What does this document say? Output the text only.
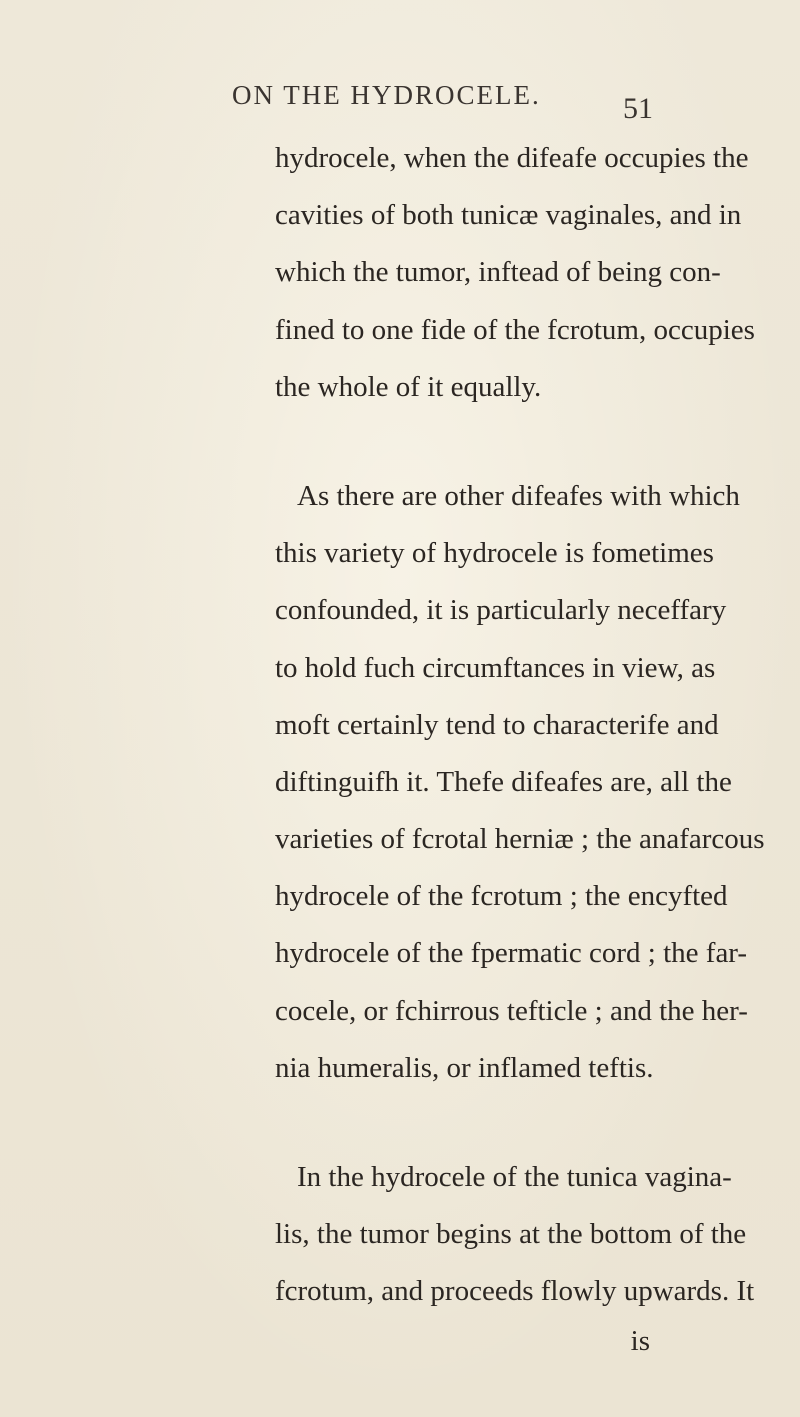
ON THE HYDROCELE.	51
hydrocele, when the difeafe occupies the
cavities of both tunicæ vaginales, and in
which the tumor, inftead of being con-
fined to one fide of the fcrotum, occupies
the whole of it equally.
As there are other difeafes with which
this variety of hydrocele is fometimes
confounded, it is particularly neceffary
to hold fuch circumftances in view, as
moft certainly tend to characterife and
diftinguifh it. Thefe difeafes are, all the
varieties of fcrotal herniæ ; the anafarcous
hydrocele of the fcrotum ; the encyfted
hydrocele of the fpermatic cord ; the far-
cocele, or fchirrous tefticle ; and the her-
nia humeralis, or inflamed teftis.
In the hydrocele of the tunica vagina-
lis, the tumor begins at the bottom of the
fcrotum, and proceeds flowly upwards. It
is
